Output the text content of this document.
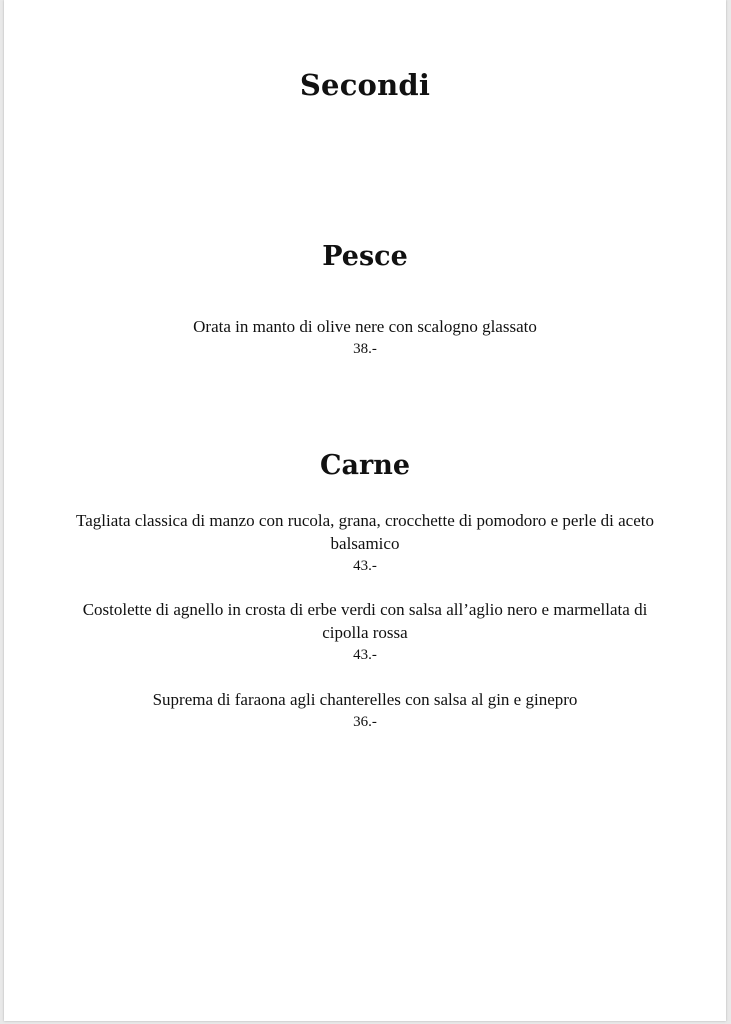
Secondi
Pesce
Orata in manto di olive nere con scalogno glassato
38.-
Carne
Tagliata classica di manzo con rucola, grana, crocchette di pomodoro e perle di aceto balsamico
43.-
Costolette di agnello in crosta di erbe verdi con salsa all’aglio nero e marmellata di cipolla rossa
43.-
Suprema di faraona agli chanterelles con salsa al gin e ginepro
36.-
